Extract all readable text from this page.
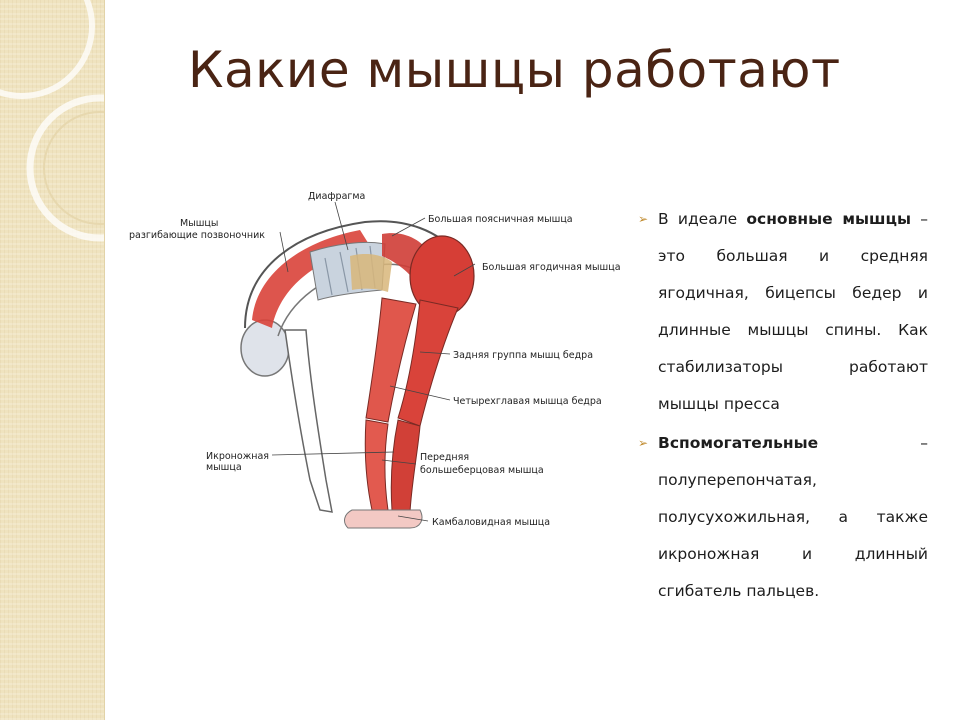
Какие мышцы работают
Диафрагма
Мышцы
разгибающие позвоночник
Большая поясничная мышца
Большая ягодичная мышца
Задняя группа мышц бедра
Четырехглавая мышца бедра
Икроножная
мышца
Передняя
большеберцовая мышца
Камбаловидная мышца

➢ В идеале основные мышцы – это большая и средняя ягодичная, бицепсы бедер и длинные мышцы спины. Как стабилизаторы работают мышцы пресса

➢ Вспомогательные – полуперепончатая, полусухожильная, а также икроножная и длинный сгибатель пальцев.
